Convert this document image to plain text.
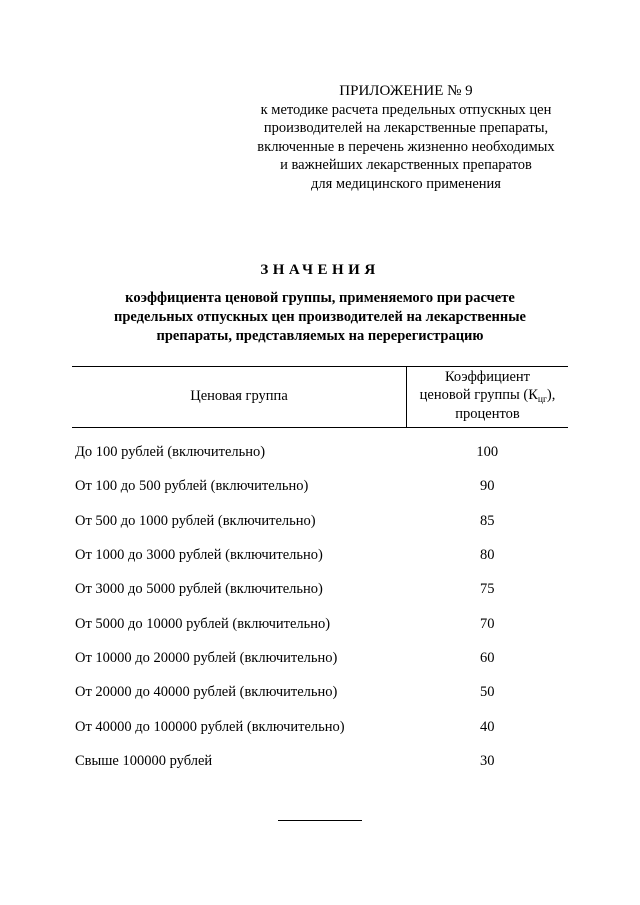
ПРИЛОЖЕНИЕ № 9
к методике расчета предельных отпускных цен
производителей на лекарственные препараты,
включенные в перечень жизненно необходимых
и важнейших лекарственных препаратов
для медицинского применения
ЗНАЧЕНИЯ
коэффициента ценовой группы, применяемого при расчете
предельных отпускных цен производителей на лекарственные
препараты, представляемых на перерегистрацию
Ценовая группа	Коэффициент
ценовой группы $(К_{цг})$,
процентов

До 100 рублей (включительно)	100
От 100 до 500 рублей (включительно)	90
От 500 до 1000 рублей (включительно)	85
От 1000 до 3000 рублей (включительно)	80
От 3000 до 5000 рублей (включительно)	75
От 5000 до 10000 рублей (включительно)	70
От 10000 до 20000 рублей (включительно)	60
От 20000 до 40000 рублей (включительно)	50
От 40000 до 100000 рублей (включительно)	40
Свыше 100000 рублей	30
